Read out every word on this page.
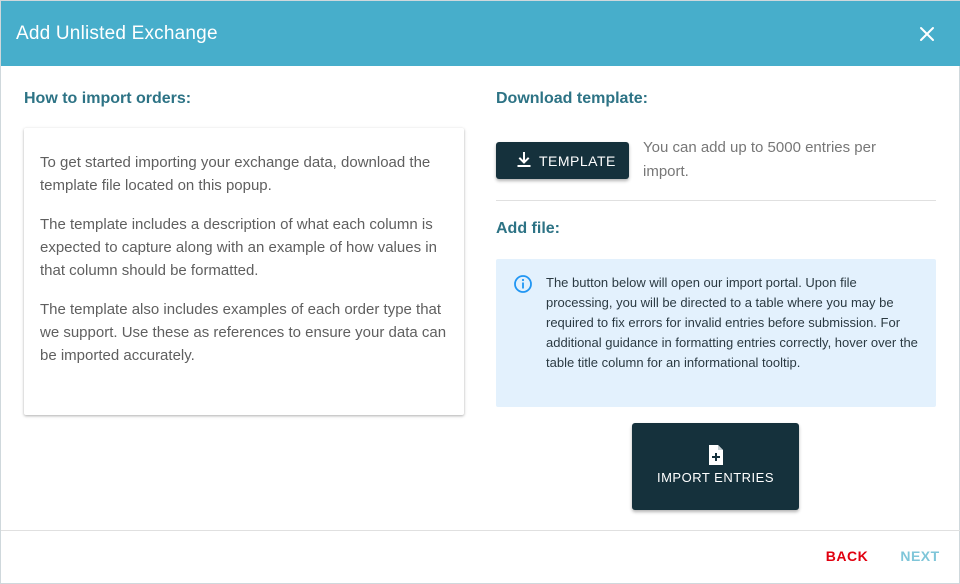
Add Unlisted Exchange
How to import orders:
To get started importing your exchange data, download the template file located on this popup.
The template includes a description of what each column is expected to capture along with an example of how values in that column should be formatted.
The template also includes examples of each order type that we support. Use these as references to ensure your data can be imported accurately.
Download template:
TEMPLATE
You can add up to 5000 entries per import.
Add file:
The button below will open our import portal. Upon file processing, you will be directed to a table where you may be required to fix errors for invalid entries before submission. For additional guidance in formatting entries correctly, hover over the table title column for an informational tooltip.
IMPORT ENTRIES
BACK	NEXT
